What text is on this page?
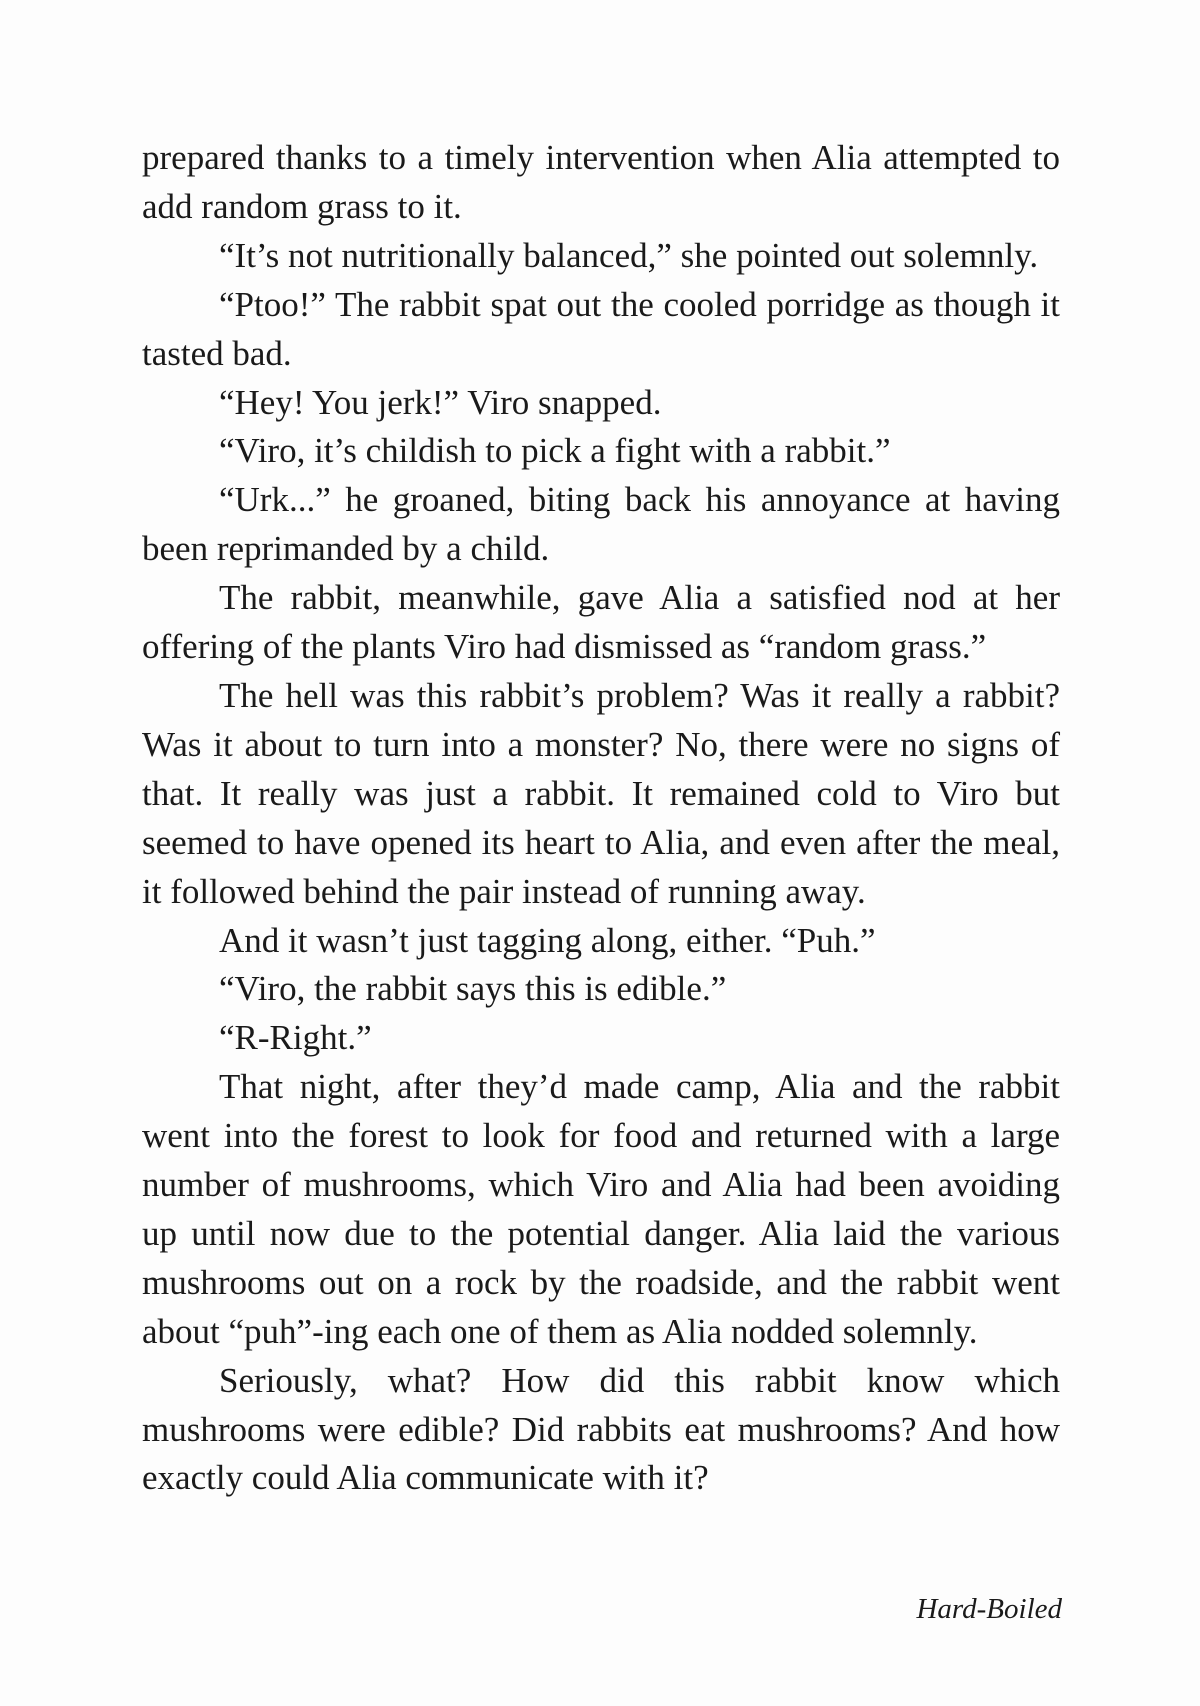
prepared thanks to a timely intervention when Alia attempted to add random grass to it.

“It’s not nutritionally balanced,” she pointed out solemnly.

“Ptoo!” The rabbit spat out the cooled porridge as though it tasted bad.

“Hey! You jerk!” Viro snapped.

“Viro, it’s childish to pick a fight with a rabbit.”

“Urk...” he groaned, biting back his annoyance at having been reprimanded by a child.

The rabbit, meanwhile, gave Alia a satisfied nod at her offering of the plants Viro had dismissed as “random grass.”

The hell was this rabbit’s problem? Was it really a rabbit? Was it about to turn into a monster? No, there were no signs of that. It really was just a rabbit. It remained cold to Viro but seemed to have opened its heart to Alia, and even after the meal, it followed behind the pair instead of running away.

And it wasn’t just tagging along, either. “Puh.”

“Viro, the rabbit says this is edible.”

“R-Right.”

That night, after they’d made camp, Alia and the rabbit went into the forest to look for food and returned with a large number of mushrooms, which Viro and Alia had been avoiding up until now due to the potential danger. Alia laid the various mushrooms out on a rock by the roadside, and the rabbit went about “puh”-ing each one of them as Alia nodded solemnly.

Seriously, what? How did this rabbit know which mushrooms were edible? Did rabbits eat mushrooms? And how exactly could Alia communicate with it?

Hard-Boiled
